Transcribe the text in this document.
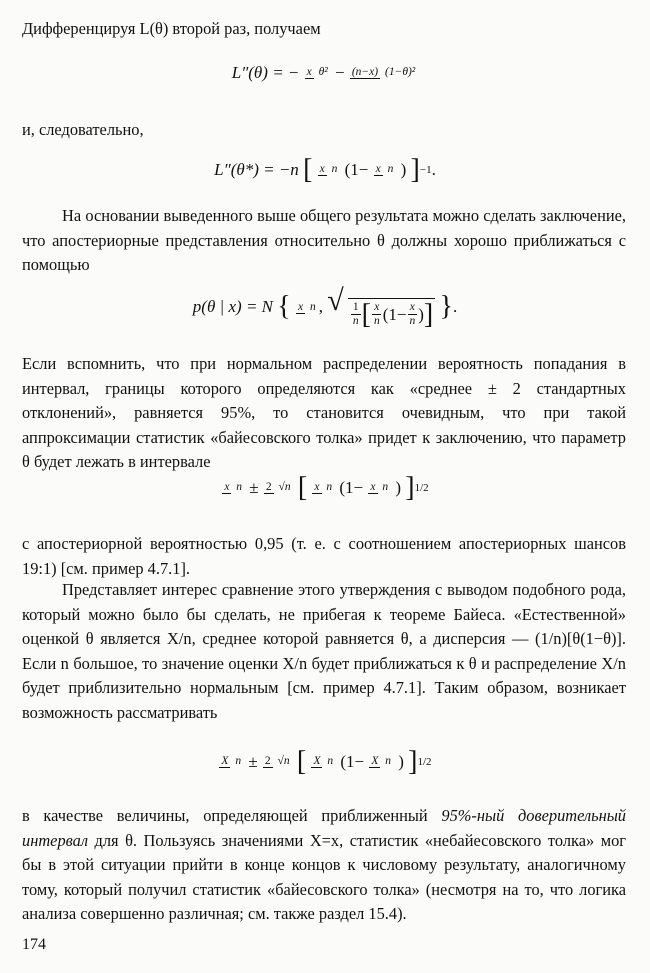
Дифференцируя L(θ) второй раз, получаем

L″(θ) = − x θ² − (n−x) (1−θ)²

и, следовательно,

L″(θ*) = −n [ x n (1− x n ) ]−1.

На основании выведенного выше общего результата можно сделать заключение, что апостериорные представления относительно θ должны хорошо приближаться с помощью

p(θ | x) = N { x n , √ $\frac{1}{n}$ [ $\frac{x}{n} (1- \frac{x}{n}$ ) ] }.

Если вспомнить, что при нормальном распределении вероятность попадания в интервал, границы которого определяются как «среднее ± 2 стандартных отклонений», равняется 95%, то становится очевидным, что при такой аппроксимации статистик «байесовского толка» придет к заключению, что параметр θ будет лежать в интервале

x n ± 2 √n [ x n (1− x n ) ]1/2

с апостериорной вероятностью 0,95 (т. е. с соотношением апостериорных шансов 19:1) [см. пример 4.7.1].

Представляет интерес сравнение этого утверждения с выводом подобного рода, который можно было бы сделать, не прибегая к теореме Байеса. «Естественной» оценкой θ является X/n, среднее которой равняется θ, а дисперсия — (1/n)[θ(1−θ)]. Если n большое, то значение оценки X/n будет приближаться к θ и распределение X/n будет приблизительно нормальным [см. пример 4.7.1]. Таким образом, возникает возможность рассматривать

X n ± 2 √n [ X n (1− X n ) ]1/2

в качестве величины, определяющей приближенный 95%-ный доверительный интервал для θ. Пользуясь значениями X=x, статистик «небайесовского толка» мог бы в этой ситуации прийти в конце концов к числовому результату, аналогичному тому, который получил статистик «байесовского толка» (несмотря на то, что логика анализа совершенно различная; см. также раздел 15.4).

174
